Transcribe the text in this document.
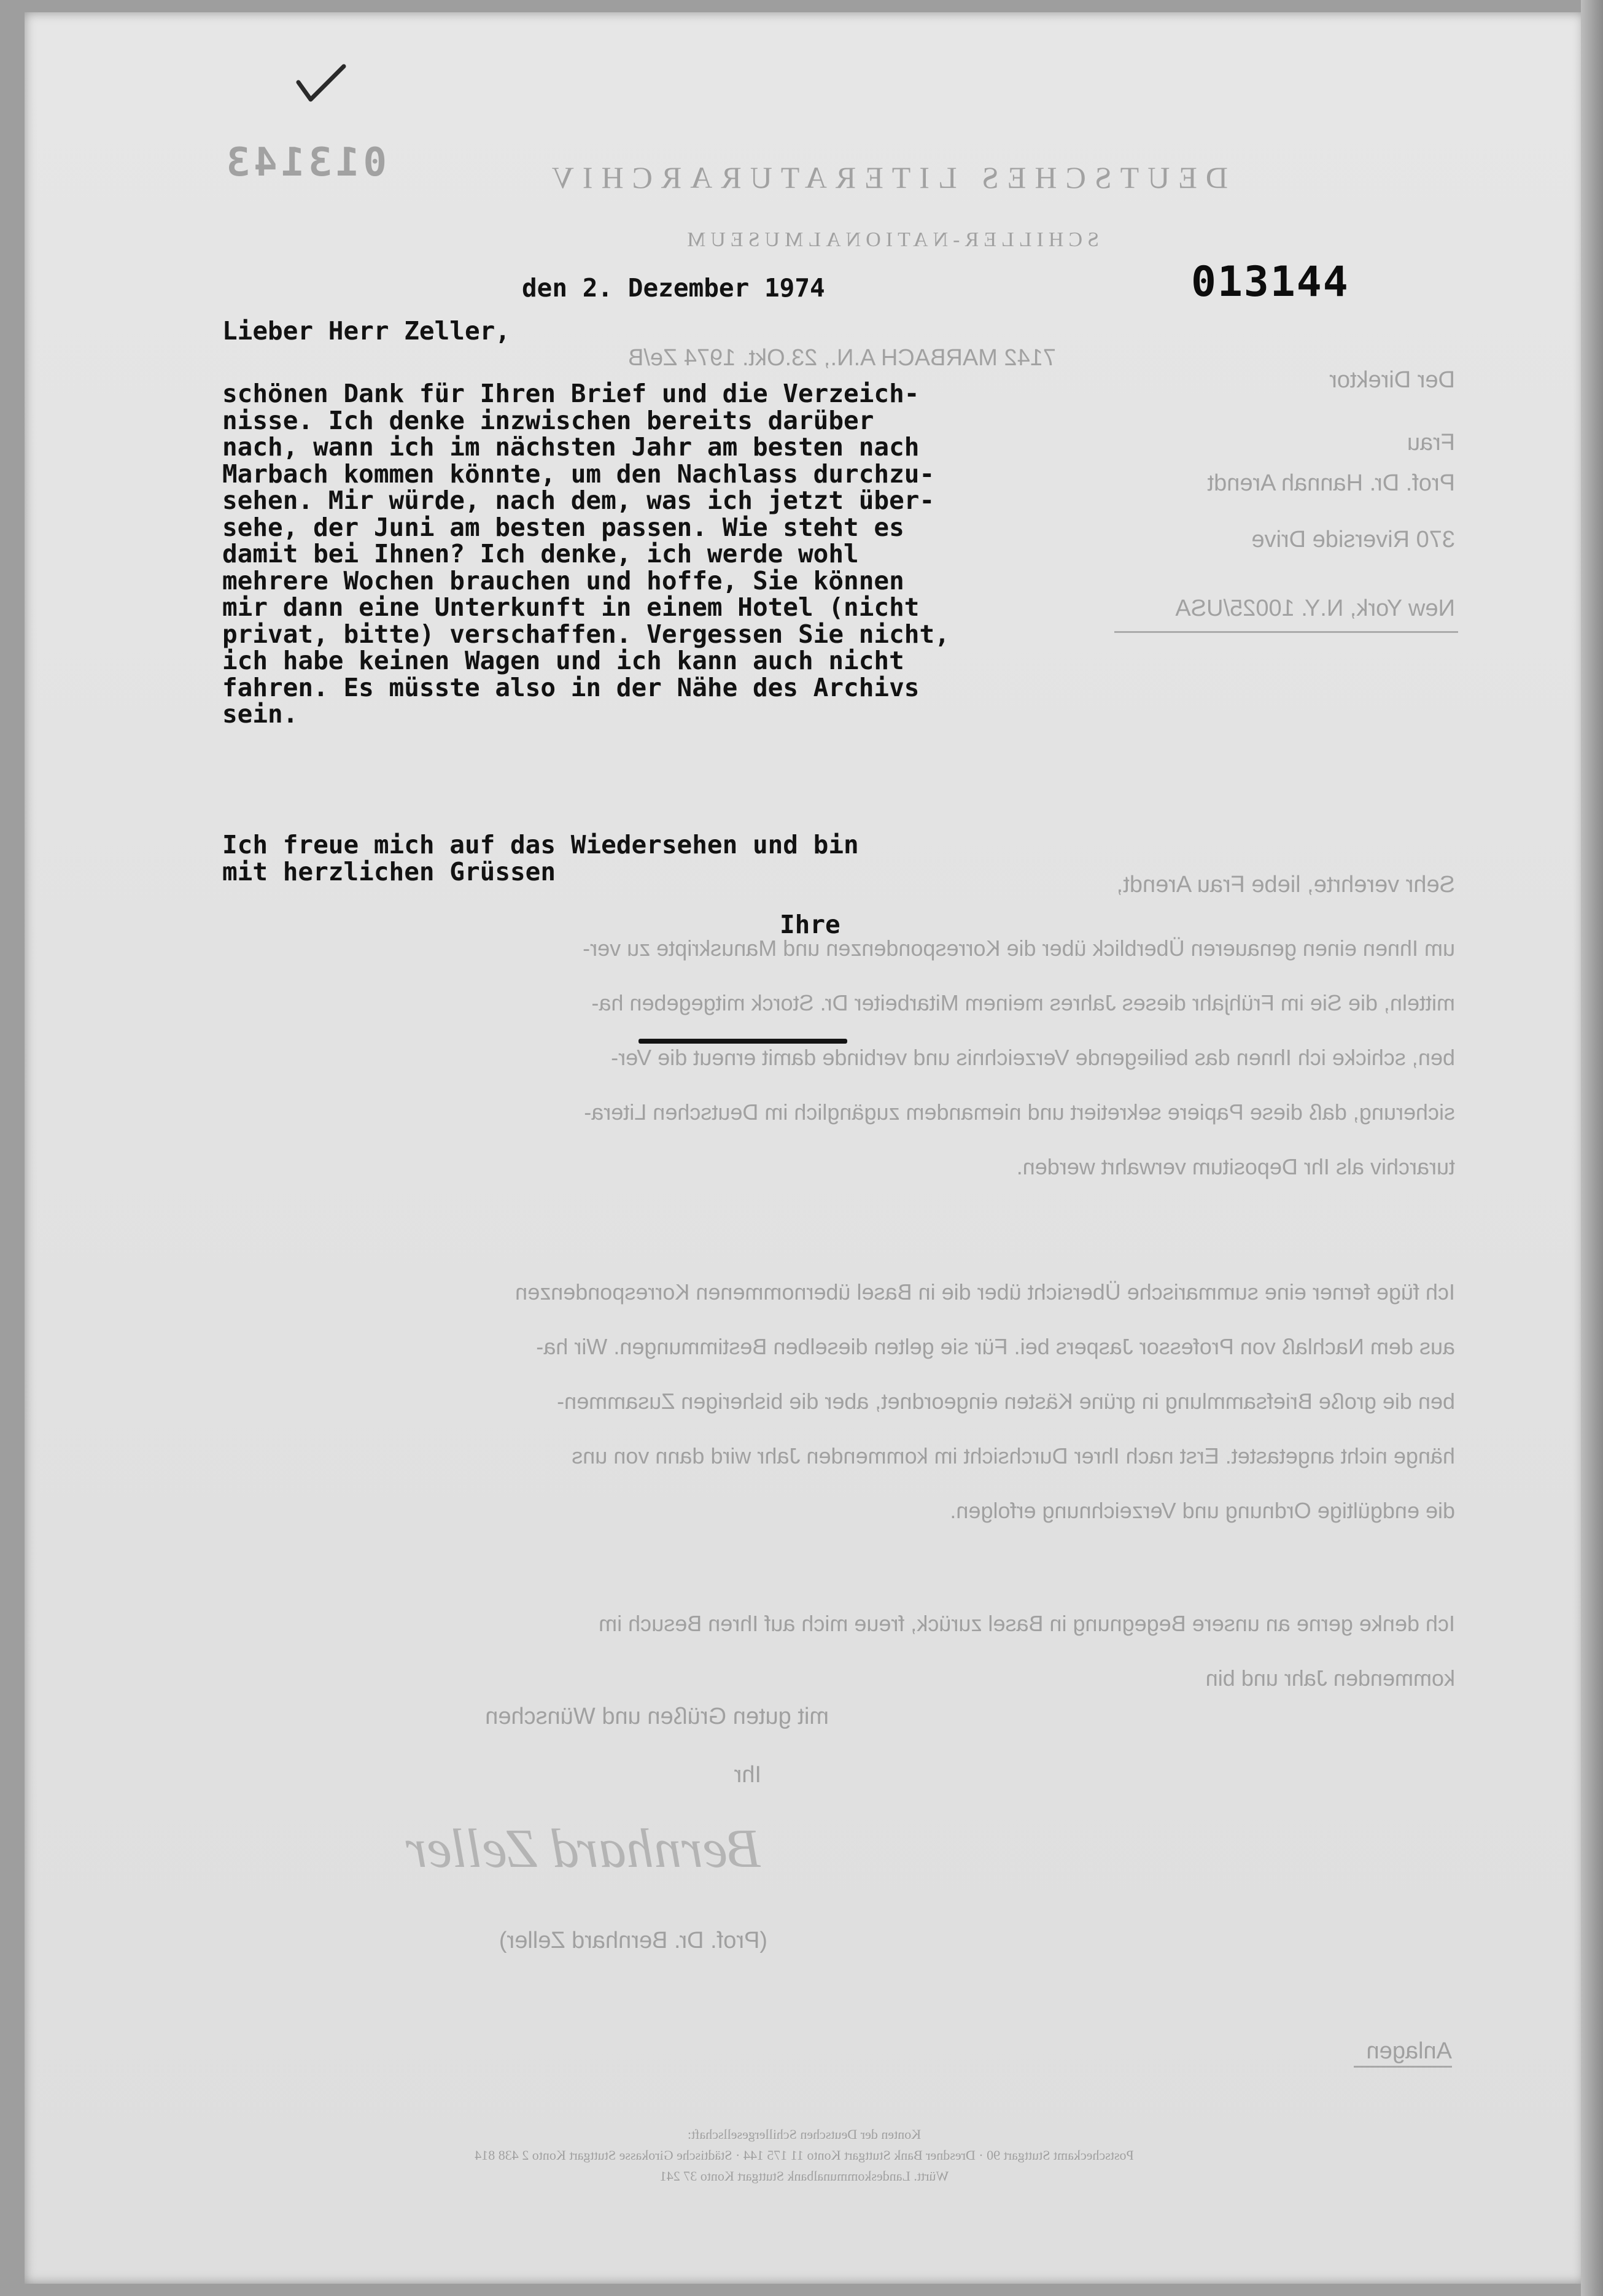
013143	DEUTSCHES LITERATURARCHIV
SCHILLER-NATIONALMUSEUM
7142 MARBACH A.N., 23.Okt. 1974 Ze/B
Der Direktor
Frau
Prof. Dr. Hannah Arendt
370 Riverside Drive
New York, N.Y. 10025/USA
Sehr verehrte, liebe Frau Arendt,
um Ihnen einen genaueren Überblick über die Korrespondenzen und Manuskripte zu ver-
mitteln, die Sie im Frühjahr dieses Jahres meinem Mitarbeiter Dr. Storck mitgegeben ha-
ben, schicke ich Ihnen das beiliegende Verzeichnis und verbinde damit erneut die Ver-
sicherung, daß diese Papiere sekretiert und niemandem zugänglich im Deutschen Litera-
turarchiv als Ihr Depositum verwahrt werden.
Ich füge ferner eine summarische Übersicht über die in Basel übernommenen Korrespondenzen
aus dem Nachlaß von Professor Jaspers bei. Für sie gelten dieselben Bestimmungen. Wir ha-
ben die große Briefsammlung in grüne Kästen eingeordnet, aber die bisherigen Zusammen-
hänge nicht angetastet. Erst nach Ihrer Durchsicht im kommenden Jahr wird dann von uns
die endgültige Ordnung und Verzeichnung erfolgen.
Ich denke gerne an unsere Begegnung in Basel zurück, freue mich auf Ihren Besuch im
kommenden Jahr und bin
mit guten Grüßen und Wünschen
Ihr
Bernhard Zeller
(Prof. Dr. Bernhard Zeller)
Anlagen
Konten der Deutschen Schillergesellschaft:
Postscheckamt Stuttgart 90 · Dresdner Bank Stuttgart Konto 11 175 144 · Städtische Girokasse Stuttgart Konto 2 438 814
Württ. Landeskommunalbank Stuttgart Konto 37 241
013144
den 2. Dezember 1974
Lieber Herr Zeller,
schönen Dank für Ihren Brief und die Verzeich-
nisse. Ich denke inzwischen bereits darüber
nach, wann ich im nächsten Jahr am besten nach
Marbach kommen könnte, um den Nachlass durchzu-
sehen. Mir würde, nach dem, was ich jetzt über-
sehe, der Juni am besten passen. Wie steht es
damit bei Ihnen? Ich denke, ich werde wohl
mehrere Wochen brauchen und hoffe, Sie können
mir dann eine Unterkunft in einem Hotel (nicht
privat, bitte) verschaffen. Vergessen Sie nicht,
ich habe keinen Wagen und ich kann auch nicht
fahren. Es müsste also in der Nähe des Archivs
sein.
Ich freue mich auf das Wiedersehen und bin
mit herzlichen Grüssen
Ihre
